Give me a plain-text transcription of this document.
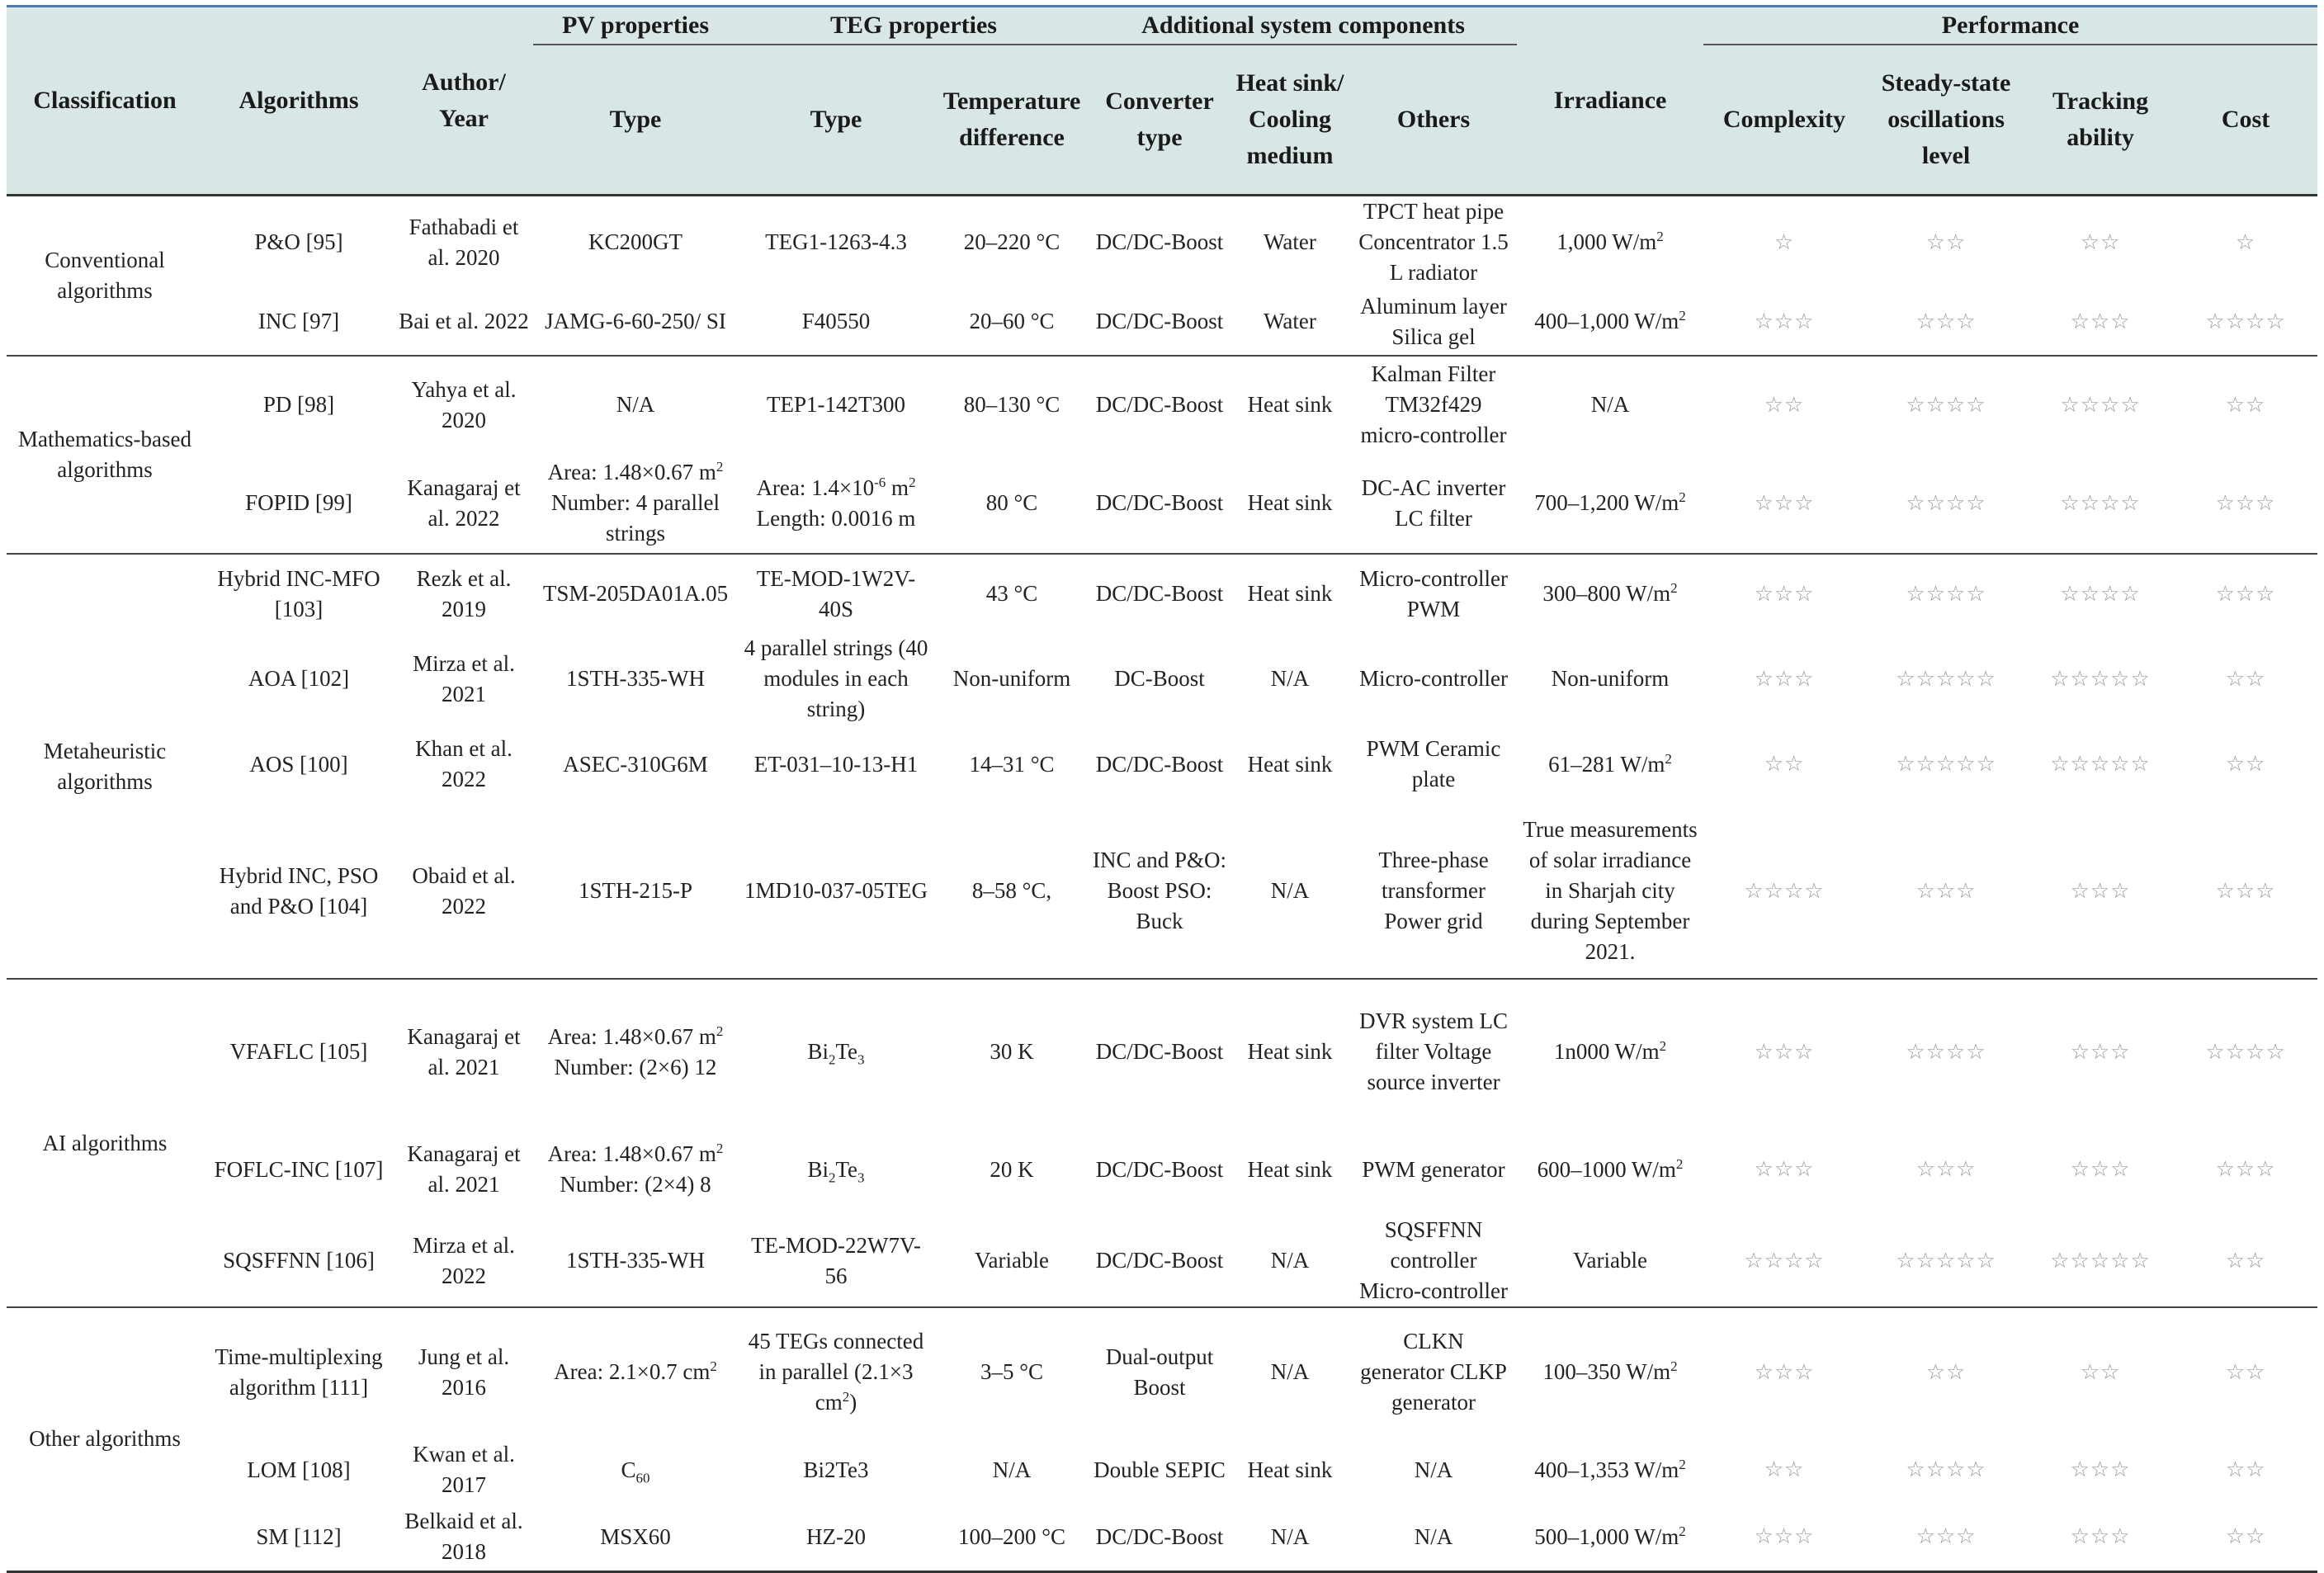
Classification	Algorithms	Author/ Year	PV properties	TEG properties		Additional system components			Irradiance	Performance			
			Type	Type	Temperature difference	Converter type	Heat sink/ Cooling medium	Others		Complexity	Steady-state oscillations level	Tracking ability	Cost
Conventional algorithms	P&O [95]	Fathabadi et al. 2020	KC200GT	TEG1-1263-4.3	20–220 °C	DC/DC-Boost	Water	TPCT heat pipe Concentrator 1.5 L radiator	1,000 $W/m^2$	☆	☆☆	☆☆	☆
	INC [97]	Bai et al. 2022	JAMG-6-60-250/ SI	F40550	20–60 °C	DC/DC-Boost	Water	Aluminum layer Silica gel	400–1,000 $W/m^2$	☆☆☆	☆☆☆	☆☆☆	☆☆☆☆
Mathematics-based algorithms	PD [98]	Yahya et al. 2020	N/A	TEP1-142T300	80–130 °C	DC/DC-Boost	Heat sink	Kalman Filter TM32f429 micro-controller	N/A	☆☆	☆☆☆☆	☆☆☆☆	☆☆
	FOPID [99]	Kanagaraj et al. 2022	Area: 1.48×0.67 $m^2$
Number: 4 parallel strings	Area: $1.4\times 10^{-6}$ $m^2$
Length: 0.0016 m	80 °C	DC/DC-Boost	Heat sink	DC-AC inverter LC filter	700–1,200 $W/m^2$	☆☆☆	☆☆☆☆	☆☆☆☆	☆☆☆
Metaheuristic algorithms	Hybrid INC-MFO [103]	Rezk et al. 2019	TSM-205DA01A.05	TE-MOD-1W2V-40S	43 °C	DC/DC-Boost	Heat sink	Micro-controller PWM	300–800 $W/m^2$	☆☆☆	☆☆☆☆	☆☆☆☆	☆☆☆
	AOA [102]	Mirza et al. 2021	1STH-335-WH	4 parallel strings (40 modules in each string)	Non-uniform	DC-Boost	N/A	Micro-controller	Non-uniform	☆☆☆	☆☆☆☆☆	☆☆☆☆☆	☆☆
	AOS [100]	Khan et al. 2022	ASEC-310G6M	ET-031–10-13-H1	14–31 °C	DC/DC-Boost	Heat sink	PWM Ceramic plate	61–281 $W/m^2$	☆☆	☆☆☆☆☆	☆☆☆☆☆	☆☆
	Hybrid INC, PSO and P&O [104]	Obaid et al. 2022	1STH-215-P	1MD10-037-05TEG	8–58 °C,	INC and P&O: Boost PSO: Buck	N/A	Three-phase transformer Power grid	True measurements of solar irradiance in Sharjah city during September 2021.	☆☆☆☆	☆☆☆	☆☆☆	☆☆☆
AI algorithms	VFAFLC [105]	Kanagaraj et al. 2021	Area: 1.48×0.67 $m^2$
Number: (2×6) 12	$Bi_2Te_3$	30 K	DC/DC-Boost	Heat sink	DVR system LC filter Voltage source inverter	1n000 $W/m^2$	☆☆☆	☆☆☆☆	☆☆☆	☆☆☆☆
	FOFLC-INC [107]	Kanagaraj et al. 2021	Area: 1.48×0.67 $m^2$
Number: (2×4) 8	$Bi_2Te_3$	20 K	DC/DC-Boost	Heat sink	PWM generator	600–1000 $W/m^2$	☆☆☆	☆☆☆	☆☆☆	☆☆☆
	SQSFFNN [106]	Mirza et al. 2022	1STH-335-WH	TE-MOD-22W7V-56	Variable	DC/DC-Boost	N/A	SQSFFNN controller Micro-controller	Variable	☆☆☆☆	☆☆☆☆☆	☆☆☆☆☆	☆☆
Other algorithms	Time-multiplexing algorithm [111]	Jung et al. 2016	Area: 2.1×0.7 $cm^2$	45 TEGs connected in parallel (2.1×3 $cm^2$)	3–5 °C	Dual-output Boost	N/A	CLKN generator CLKP generator	100–350 $W/m^2$	☆☆☆	☆☆	☆☆	☆☆
	LOM [108]	Kwan et al. 2017	$C_{60}$	Bi2Te3	N/A	Double SEPIC	Heat sink	N/A	400–1,353 $W/m^2$	☆☆	☆☆☆☆	☆☆☆	☆☆
	SM [112]	Belkaid et al. 2018	MSX60	HZ-20	100–200 °C	DC/DC-Boost	N/A	N/A	500–1,000 $W/m^2$	☆☆☆	☆☆☆	☆☆☆	☆☆
